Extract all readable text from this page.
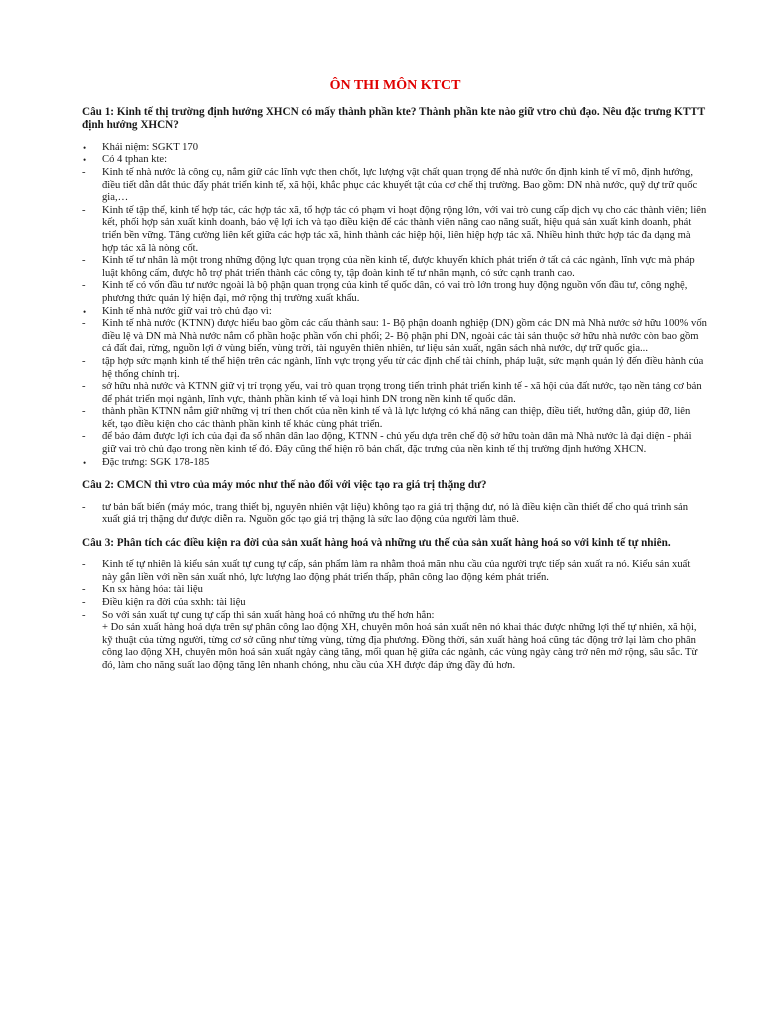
ÔN THI MÔN KTCT
Câu 1: Kinh tế thị trường định hướng XHCN có mấy thành phần kte? Thành phần kte nào giữ vtro chủ đạo. Nêu đặc trưng KTTT định hướng XHCN?
•	Khái niệm: SGKT 170
•	Có 4 tphan kte:
-	Kinh tế nhà nước là công cụ, nắm giữ các lĩnh vực then chốt, lực lượng vật chất quan trọng để nhà nước ổn định kinh tế vĩ mô, định hướng, điều tiết dẫn dắt thúc đẩy phát triển kinh tế, xã hội, khắc phục các khuyết tật của cơ chế thị trường. Bao gồm: DN nhà nước, quỹ dự trữ quốc gia,…
-	Kinh tế tập thể, kinh tế hợp tác, các hợp tác xã, tổ hợp tác có phạm vi hoạt động rộng lớn, với vai trò cung cấp dịch vụ cho các thành viên; liên kết, phối hợp sản xuất kinh doanh, bảo vệ lợi ích và tạo điều kiện để các thành viên nâng cao năng suất, hiệu quả sản xuất kinh doanh, phát triển bền vững. Tăng cường liên kết giữa các hợp tác xã, hình thành các hiệp hội, liên hiệp hợp tác xã. Nhiều hình thức hợp tác đa dạng mà hợp tác xã là nòng cốt.
-	Kinh tế tư nhân là một trong những động lực quan trọng của nền kinh tế, được khuyến khích phát triển ở tất cả các ngành, lĩnh vực mà pháp luật không cấm, được hỗ trợ phát triển thành các công ty, tập đoàn kinh tế tư nhân mạnh, có sức cạnh tranh cao.
-	Kinh tế có vốn đầu tư nước ngoài là bộ phận quan trọng của kinh tế quốc dân, có vai trò lớn trong huy động nguồn vốn đầu tư, công nghệ, phương thức quản lý hiện đại, mở rộng thị trường xuất khẩu.
•	Kinh tế nhà nước giữ vai trò chủ đạo vì:
-	Kinh tế nhà nước (KTNN) được hiểu bao gồm các cấu thành sau: 1- Bộ phận doanh nghiệp (DN) gồm các DN mà Nhà nước sở hữu 100% vốn điều lệ và DN mà Nhà nước nắm cổ phần hoặc phần vốn chi phối; 2- Bộ phận phi DN, ngoài các tài sản thuộc sở hữu nhà nước còn bao gồm cả đất đai, rừng, nguồn lợi ở vùng biển, vùng trời, tài nguyên thiên nhiên, tư liệu sản xuất, ngân sách nhà nước, dự trữ quốc gia...
-	tập hợp sức mạnh kinh tế thể hiện trên các ngành, lĩnh vực trọng yếu từ các định chế tài chính, pháp luật, sức mạnh quản lý đến điều hành của hệ thống chính trị.
-	sở hữu nhà nước và KTNN giữ vị trí trọng yếu, vai trò quan trọng trong tiến trình phát triển kinh tế - xã hội của đất nước, tạo nền tảng cơ bản để phát triển mọi ngành, lĩnh vực, thành phần kinh tế và loại hình DN trong nền kinh tế quốc dân.
-	thành phần KTNN nắm giữ những vị trí then chốt của nền kinh tế và là lực lượng có khả năng can thiệp, điều tiết, hướng dẫn, giúp đỡ, liên kết, tạo điều kiện cho các thành phần kinh tế khác cùng phát triển.
-	để bảo đảm được lợi ích của đại đa số nhân dân lao động, KTNN - chủ yếu dựa trên chế độ sở hữu toàn dân mà Nhà nước là đại diện - phải giữ vai trò chủ đạo trong nền kinh tế đó. Đây cũng thể hiện rõ bản chất, đặc trưng của nền kinh tế thị trường định hướng XHCN.
•	Đặc trưng: SGK 178-185
Câu 2: CMCN thì vtro của máy móc như thế nào đối với việc tạo ra giá trị thặng dư?
-	tư bản bất biến (máy móc, trang thiết bị, nguyên nhiên vật liệu) không tạo ra giá trị thặng dư, nó là điều kiện cần thiết để cho quá trình sản xuất giá trị thặng dư được diễn ra. Nguồn gốc tạo giá trị thặng là sức lao động của người làm thuê.
Câu 3: Phân tích các điều kiện ra đời của sản xuất hàng hoá và những ưu thế của sản xuất hàng hoá so với kinh tế tự nhiên.
-	Kinh tế tự nhiên là kiểu sản xuất tự cung tự cấp, sản phẩm làm ra nhằm thoả mãn nhu cầu của người trực tiếp sản xuất ra nó. Kiểu sản xuất này gắn liền với nền sản xuất nhỏ, lực lượng lao động phát triển thấp, phân công lao động kém phát triển.
-	Kn sx hàng hóa: tài liệu
-	Điều kiện ra đời của sxhh: tài liệu
-	So với sản xuất tự cung tự cấp thì sản xuất hàng hoá có những ưu thế hơn hẳn:
+ Do sản xuất hàng hoá dựa trên sự phân công lao động XH, chuyên môn hoá sản xuất nên nó khai thác được những lợi thế tự nhiên, xã hội, kỹ thuật của từng người, từng cơ sở cũng như từng vùng, từng địa phương. Đồng thời, sản xuất hàng hoá cũng tác động trở lại làm cho phân công lao động XH, chuyên môn hoá sản xuất ngày càng tăng, mối quan hệ giữa các ngành, các vùng ngày càng trở nên mở rộng, sâu sắc. Từ đó, làm cho năng suất lao động tăng lên nhanh chóng, nhu cầu của XH được đáp ứng đầy đủ hơn.
